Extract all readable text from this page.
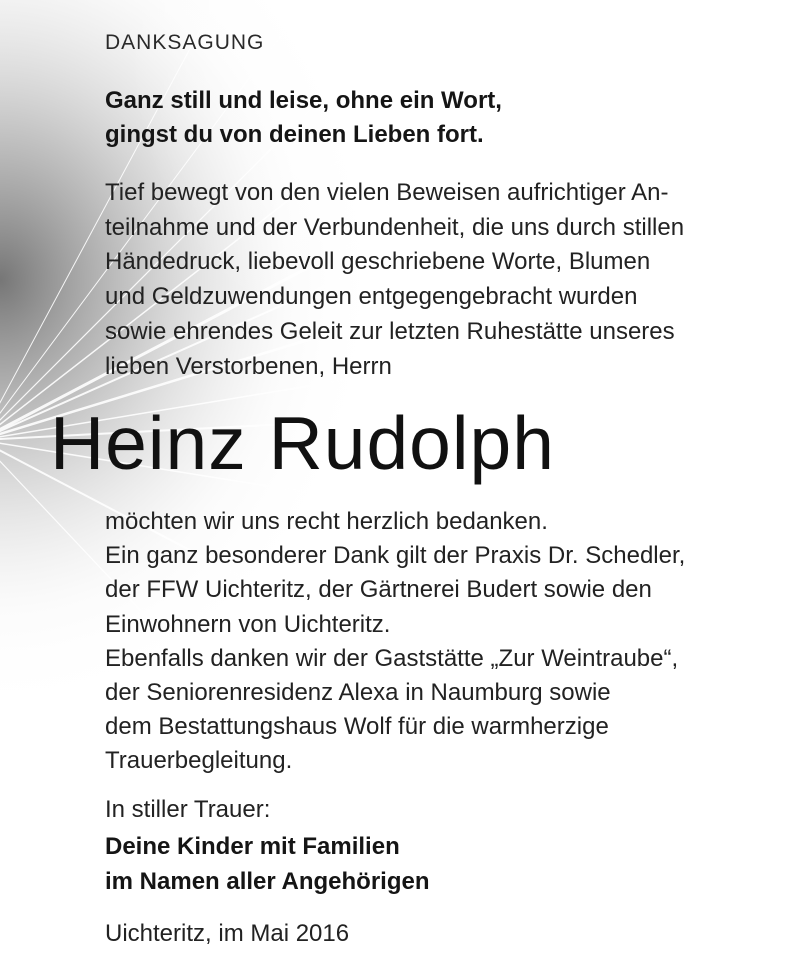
DANKSAGUNG
Ganz still und leise, ohne ein Wort,
gingst du von deinen Lieben fort.
Tief bewegt von den vielen Beweisen aufrichtiger An-
teilnahme und der Verbundenheit, die uns durch stillen
Händedruck, liebevoll geschriebene Worte, Blumen
und Geldzuwendungen entgegengebracht wurden
sowie ehrendes Geleit zur letzten Ruhestätte unseres
lieben Verstorbenen, Herrn
Heinz Rudolph
möchten wir uns recht herzlich bedanken.
Ein ganz besonderer Dank gilt der Praxis Dr. Schedler,
der FFW Uichteritz, der Gärtnerei Budert sowie den
Einwohnern von Uichteritz.
Ebenfalls danken wir der Gaststätte „Zur Weintraube“,
der Seniorenresidenz Alexa in Naumburg sowie
dem Bestattungshaus Wolf für die warmherzige
Trauerbegleitung.
In stiller Trauer:
Deine Kinder mit Familien
im Namen aller Angehörigen
Uichteritz, im Mai 2016
